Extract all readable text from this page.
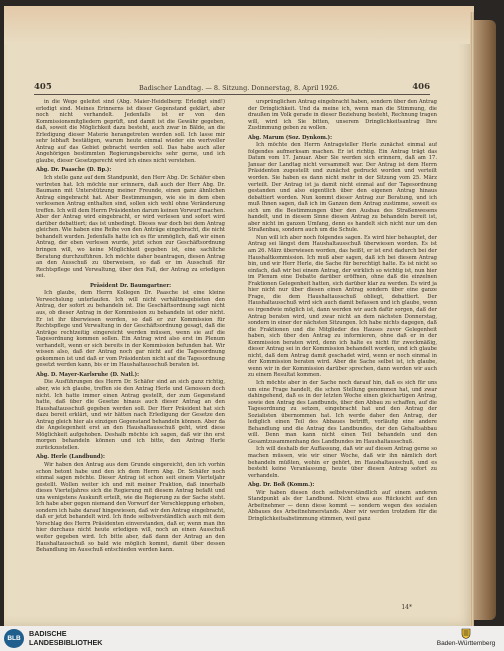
405	Badischer Landtag. — 8. Sitzung. Donnerstag, 8. April 1926.	406

in die Wege geleitet sind (Abg. Maier-Heidelberg: Erledigt sind!) erledigt sind. Meines Erinnerns ist dieser Gegenstand geklärt, aber noch nicht verhandelt. Jedenfalls ist er von den Kommissionsmitgliedern geprüft, und damit ist die Gewähr gegeben, daß, soweit die Möglichkeit dazu besteht, auch zwar in Bälde, an die Erledigung dieser Materie herangetreten werden soll. Ich lasse mir sehr lebhaft bestätigen, warum heute einmal wieder ein wertvoller Antrag auf das Gebiet gebracht werden soll. Das habe auch aller Angehörigen bestimmten Regierungsbereichs sehr gerne, und ich glaube, dieser Gesetzgerecht wird ich eines nicht verstehen.

Abg. Dr. Paasche (D. Bp.):

Ich stelle ganz auf dem Standpunkt, den Herr Abg. Dr. Schäfer eben vertreten hat. Ich möchte nur erinnern, daß auch der Herr Abg. Dr. Baumann mit Unterstützung meiner Freunde, einen ganz ähnlichen Antrag eingebracht hat. Aber Bestimmungen, wie sie in dem eben verlesenen Antrag enthalten sind, sollen sich wohl ohne Veränderung treffen. Ich will dem Herrn Präsidenten darum keinen Vorwurf machen. Aber der Antrag wird eingebracht, er wird verlesen und sofort wird darüber debattiert; das ist unbedingt. Dieses war doch bei dem Antrag gleichen. Wie haben eine Reihe von den Anträge eingebracht, die nicht behandelt wurden. Jedenfalls hatte ich es für unmöglich, daß wir einen Antrag, der eben verlesen wurde, jetzt schon zur Geschäftsordnung bringen will, wo keine Möglichkeit gegeben ist, eine sachliche Beratung durchzuführen. Ich möchte daher beantragen, diesen Antrag an den Ausschuß zu überweisen, so daß er im Ausschuß für Rechtspflege und Verwaltung, über den Fall, der Antrag zu erledigen sei.

Präsident Dr. Baumgartner:

Ich glaube, dem Herrn Kollegen Dr. Paasche ist eine kleine Verwechslung unterlaufen. Ich will nicht verhältnisgebieten den Antrag, der sofort zu behandeln ist. Die Geschäftsordnung sagt nicht aus, ob dieser Antrag in der Kommission zu behandeln ist oder nicht. Er ist ihr überwiesen worden, so daß er zur Kommission für Rechtspflege und Verwaltung in der Geschäftsordnung gesagt, daß die Anträge rechtzeitig eingereicht werden müssen, wenn sie auf die Tagesordnung kommen sollen. Ein Antrag wird also erst im Plenum verhandelt, wenn er sich bereits in der Kommission befunden hat. Wir wissen also, daß der Antrag noch gar nicht auf die Tagesordnung gekommen ist und daß er vom Präsidenten nicht auf die Tagesordnung gesetzt werden kann, bis er im Haushaltausschuß beraten ist.

Abg. D. Mayer-Karlsruhe (D. Natl.):

Die Ausführungen des Herrn Dr. Schäfer sind an sich ganz richtig, aber, wie ich glaube, treffen sie den Antrag Herle und Genossen doch nicht. Ich hatte immer einen Antrag gestellt, der zum Gegenstand hatte, daß über die Gesetze hinaus auch dieser Antrag an den Haushaltausschuß gegeben werden soll. Der Herr Präsident hat sich dazu bereit erklärt, und wir hätten nach Erledigung der Gesetze den Antrag gleich hier als einzigen Gegenstand behandeln können. Aber da die Angelegenheit erst an den Haushaltausschuß geht, wird diese Möglichkeit aufgehoben. Deshalb möchte ich sagen, daß wir ihn erst morgen behandeln können und ich bitte, den Antrag Herle zurückzustellen.

Abg. Herle (Landbund):

Wir haben den Antrag aus dem Grunde eingereicht, den ich vorhin schon betont habe und den ich dem Herrn Abg. Dr. Schäfer noch einmal sagen möchte. Dieser Antrag ist schon seit einem Vierteljahr gestellt. Wollen weiter ich und mit meiner Fraktion, daß innerhalb dieses Vierteljahres sich die Regierung mit diesem Antrag befaßt und uns wenigstens Auskunft erteilt, wie die Regierung zu der Sache steht. Ich habe aber gegen niemand den Vorwurf der Verschleppung erhoben, sondern ich habe darauf hingewiesen, daß wir den Antrag eingebracht, daß er jetzt behandelt wird. Ich finde selbstverständlich auch mit dem Vorschlag des Herrn Präsidenten einverstanden, daß er, wenn man ihn hier durchaus nicht heute erledigen will, noch an einen Ausschuß weiter gegeben wird. Ich bitte aber, daß dann der Antrag an den Haushaltausschuß so bald wie möglich kommt, damit über dessen Behandlung im Ausschuß entschieden werden kann.

ursprünglichen Antrag eingebracht haben, sondern über den Antrag der Dringlichkeit. Und da meine ich, wenn man die Stimmung, die draußen im Volk gerade in dieser Beziehung besteht, Rechnung tragen will, wird ich Sie bitten, unserem Dringlichkeitsantrag Ihre Zustimmung geben zu wollen.

Abg. Marum (Soz. Dynkom.):

Ich möchte den Herrn Antragsteller Herle zunächst einmal auf folgendes aufmerksam machen. Er ist richtig. Ein Antrag trägt das Datum vom 17. Januar. Aber Sie werden sich erinnern, daß am 17. Januar der Landtag nicht versammelt war. Der Antrag ist dem Herrn Präsidenten zugestellt und zunächst gedruckt worden und verteilt worden. Sie haben es dann nicht mehr in der Sitzung vom 25. März verteilt. Der Antrag ist ja damit nicht einmal auf der Tagesordnung gestanden und also eigentlich über den eigenen Antrag hinaus debattiert worden. Nun kommt dieser Antrag zur Beratung, und ich muß Ihnen sagen, daß ich im Ganzen dem Antrag zustimme, soweit es sich um die Bestimmungen über den Ausbau des Straßenwesens handelt, und in diesem Sinne diesen Antrag zu behandeln bereit ist, aber nicht im ganzen Umfang, denn es handelt sich nicht nur um den Straßenbau, sondern auch um die Schule.

Nun will ich aber noch folgendes sagen. Es wird hier behauptet, der Antrag sei längst dem Haushaltausschuß überwiesen worden. Es ist am 26. März überwiesen worden, das heißt, er ist erst dadurch bei der Haushaltkommission. Ich muß aber sagen, daß ich bei diesem Antrag bin, und wir Herr Herle, die Sache für berechtigt halte. Es ist nicht so einfach, daß wir bei einem Antrag, der wirklich so wichtig ist, nun hier im Plenum eine Debatte darüber eröffnen, ohne daß die einzelnen Fraktionen Gelegenheit hatten, sich darüber klar zu werden. Es wird ja hier nicht nur über diesen einen Antrag sondern über eine ganze Frage, die dem Haushaltausschuß obliegt, debattiert. Der Haushaltausschuß wird sich auch damit befassen und ich glaube, wenn es irgendwie möglich ist, dann werden wir auch dafür sorgen, daß der Antrag beraten wird, und zwar nicht an dem nächsten Donnerstag, sondern in einer der nächsten Sitzungen. Ich habe nichts dagegen, daß die Fraktionen und die Mitglieder des Hauses zuvor Gelegenheit haben, sich über den Antrag zu informieren, ohne daß er in der Kommission beraten wird, denn ich halte es nicht für zweckmäßig, dieser Antrag sei in der Kommission behandelt worden, und ich glaube nicht, daß dem Antrag damit geschadet wird, wenn er noch einmal in der Kommission beraten wird. Aber die Sache selbst ist, ich glaube, wenn wir in der Kommission darüber sprechen, dann werden wir auch zu einem Resultat kommen.

Ich möchte aber in der Sache noch darauf hin, daß es sich für uns um eine Frage handelt, die schon Stellung genommen hat, und zwar dahingehend, daß es in der letzten Woche einen gleichartigen Antrag, sowie den Antrag des Landbunds, über den Abbau zu schaffen, auf die Tagesordnung zu setzen, eingebracht hat und den Antrag der Sozialisten übernommen hat. Ich werde daher den Antrag, der lediglich einen Teil des Abbaues betrifft, vorläufig eine andere Behandlung und die Antrag des Landbundes, der den Gehaltsabbau will. Denn man kann nicht einen Teil behandeln und den Gesamtzusammenhang des Landbundes im Haushaltausschuß.

Ich will deshalb der Auffassung, daß wir auf diesen Antrag gerne so machen müssen, wie wir einer Woche, daß wir ihn nämlich dort behandeln müßten, wohin er gehört, im Haushaltausschuß, und es besteht keine Veranlassung, heute über diesen Antrag sofort zu verhandeln.

Abg. Dr. Boß (Komm.):

Wir haben diesen doch selbstverständlich auf einem anderen Standpunkt als der Landbund. Nicht etwa aus Rücksicht auf den Arbeitnehmer — denn diese kommt — sondern wegen des sozialen Abbaues des Arbeitnehmerstands. Aber wir werden trotzdem für die Dringlichkeitsabstimmung stimmen, weil ganz

14*
BLB
BADISCHE
LANDESBIBLIOTHEK	Baden-Württemberg
